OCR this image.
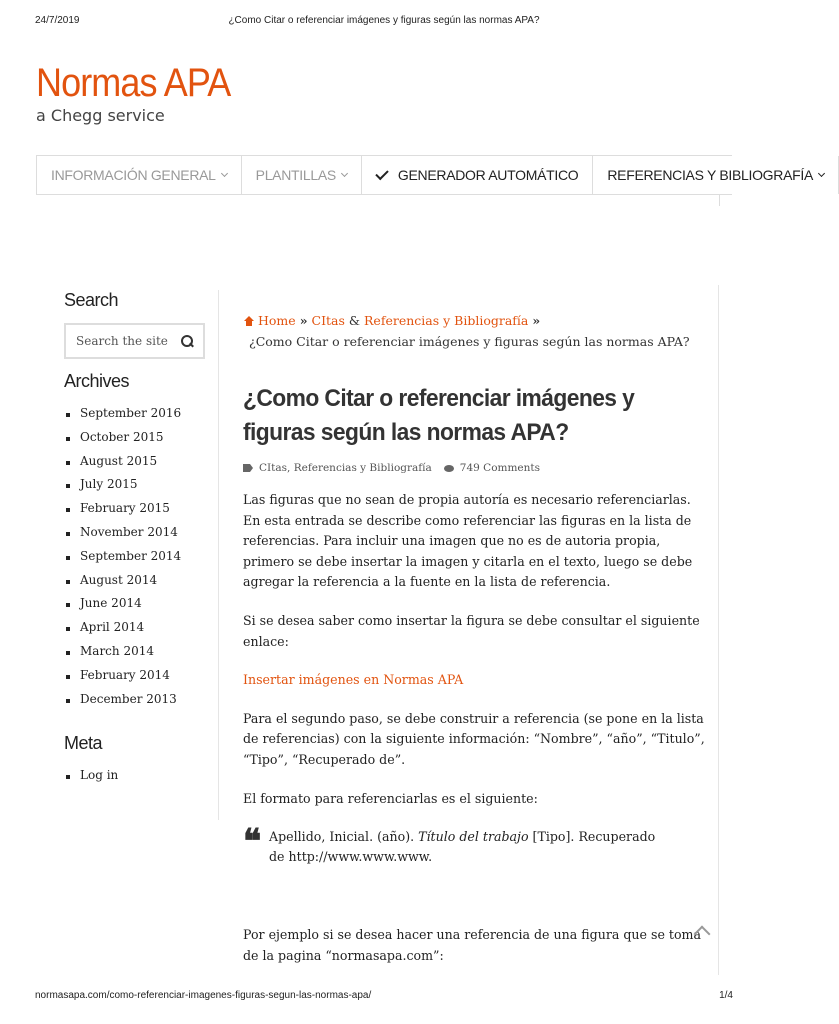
24/7/2019	¿Como Citar o referenciar imágenes y figuras según las normas APA?
Normas APA
a Chegg service
INFORMACIÓN GENERAL	PLANTILLAS	GENERADOR AUTOMÁTICO REFERENCIAS Y BIBLIOGRAFÍA
Search
Search the site
Archives
September 2016
October 2015
August 2015
July 2015
February 2015
November 2014
September 2014
August 2014
June 2014
April 2014
March 2014
February 2014
December 2013
Meta
Log in
Home » CItas & Referencias y Bibliografía »
¿Como Citar o referenciar imágenes y figuras según las normas APA?
¿Como Citar o referenciar imágenes y figuras según las normas APA?
CItas, Referencias y Bibliografía	749 Comments

Las figuras que no sean de propia autoría es necesario referenciarlas. En esta entrada se describe como referenciar las figuras en la lista de referencias. Para incluir una imagen que no es de autoria propia, primero se debe insertar la imagen y citarla en el texto, luego se debe agregar la referencia a la fuente en la lista de referencia.

Si se desea saber como insertar la figura se debe consultar el siguiente enlace:

Insertar imágenes en Normas APA

Para el segundo paso, se debe construir a referencia (se pone en la lista de referencias) con la siguiente información: “Nombre”, “año”, “Titulo”, “Tipo”, “Recuperado de”.

El formato para referenciarlas es el siguiente:

❝ Apellido, Inicial. (año). Título del trabajo [Tipo]. Recuperado de http://www.www.www.

Por ejemplo si se desea hacer una referencia de una figura que se toma de la pagina “normasapa.com”:

normasapa.com/como-referenciar-imagenes-figuras-segun-las-normas-apa/	1/4
